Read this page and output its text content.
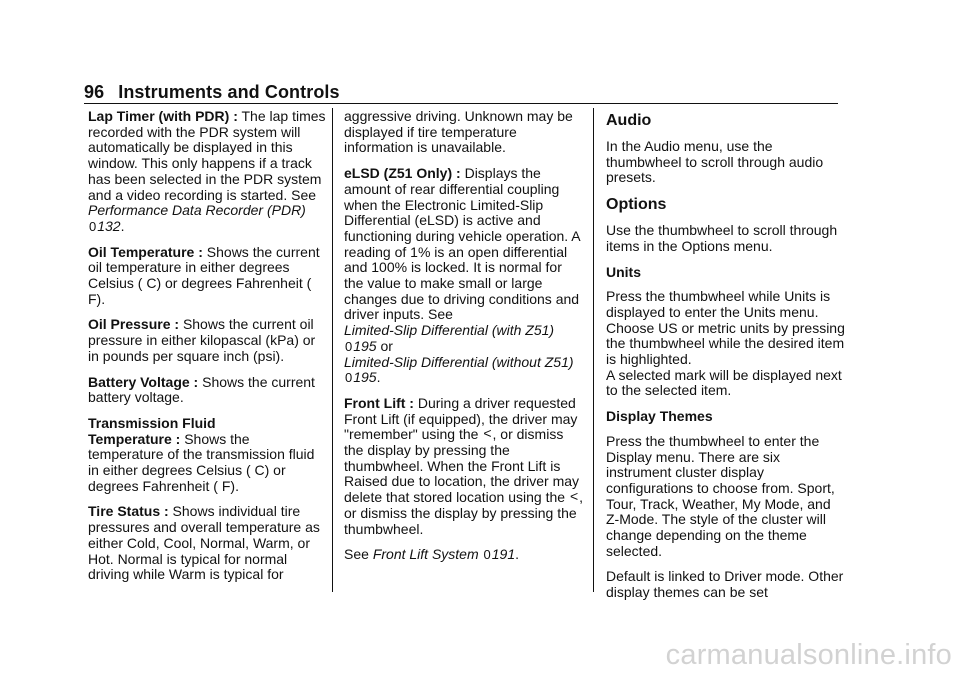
96 Instruments and Controls

Lap Timer (with PDR) : The lap times recorded with the PDR system will automatically be displayed in this window. This only happens if a track has been selected in the PDR system and a video recording is started. See Performance Data Recorder (PDR) 0132.

Oil Temperature : Shows the current oil temperature in either degrees Celsius ( C) or degrees Fahrenheit ( F).

Oil Pressure : Shows the current oil pressure in either kilopascal (kPa) or in pounds per square inch (psi).

Battery Voltage : Shows the current battery voltage.

Transmission Fluid
Temperature : Shows the temperature of the transmission fluid in either degrees Celsius ( C) or degrees Fahrenheit ( F).

Tire Status : Shows individual tire pressures and overall temperature as either Cold, Cool, Normal, Warm, or Hot. Normal is typical for normal driving while Warm is typical for

aggressive driving. Unknown may be displayed if tire temperature information is unavailable.

eLSD (Z51 Only) : Displays the amount of rear differential coupling when the Electronic Limited-Slip Differential (eLSD) is active and functioning during vehicle operation. A reading of 1% is an open differential and 100% is locked. It is normal for the value to make small or large changes due to driving conditions and driver inputs. See
Limited-Slip Differential (with Z51)
0195 or
Limited-Slip Differential (without Z51) 0195.

Front Lift : During a driver requested Front Lift (if equipped), the driver may "remember" using the <, or dismiss the display by pressing the thumbwheel. When the Front Lift is Raised due to location, the driver may delete that stored location using the <, or dismiss the display by pressing the thumbwheel.

See Front Lift System 0191.

Audio

In the Audio menu, use the thumbwheel to scroll through audio presets.

Options

Use the thumbwheel to scroll through items in the Options menu.

Units

Press the thumbwheel while Units is displayed to enter the Units menu. Choose US or metric units by pressing the thumbwheel while the desired item is highlighted.
A selected mark will be displayed next to the selected item.

Display Themes

Press the thumbwheel to enter the Display menu. There are six instrument cluster display configurations to choose from. Sport, Tour, Track, Weather, My Mode, and Z-Mode. The style of the cluster will change depending on the theme selected.

Default is linked to Driver mode. Other display themes can be set

carmanualsonline.info
